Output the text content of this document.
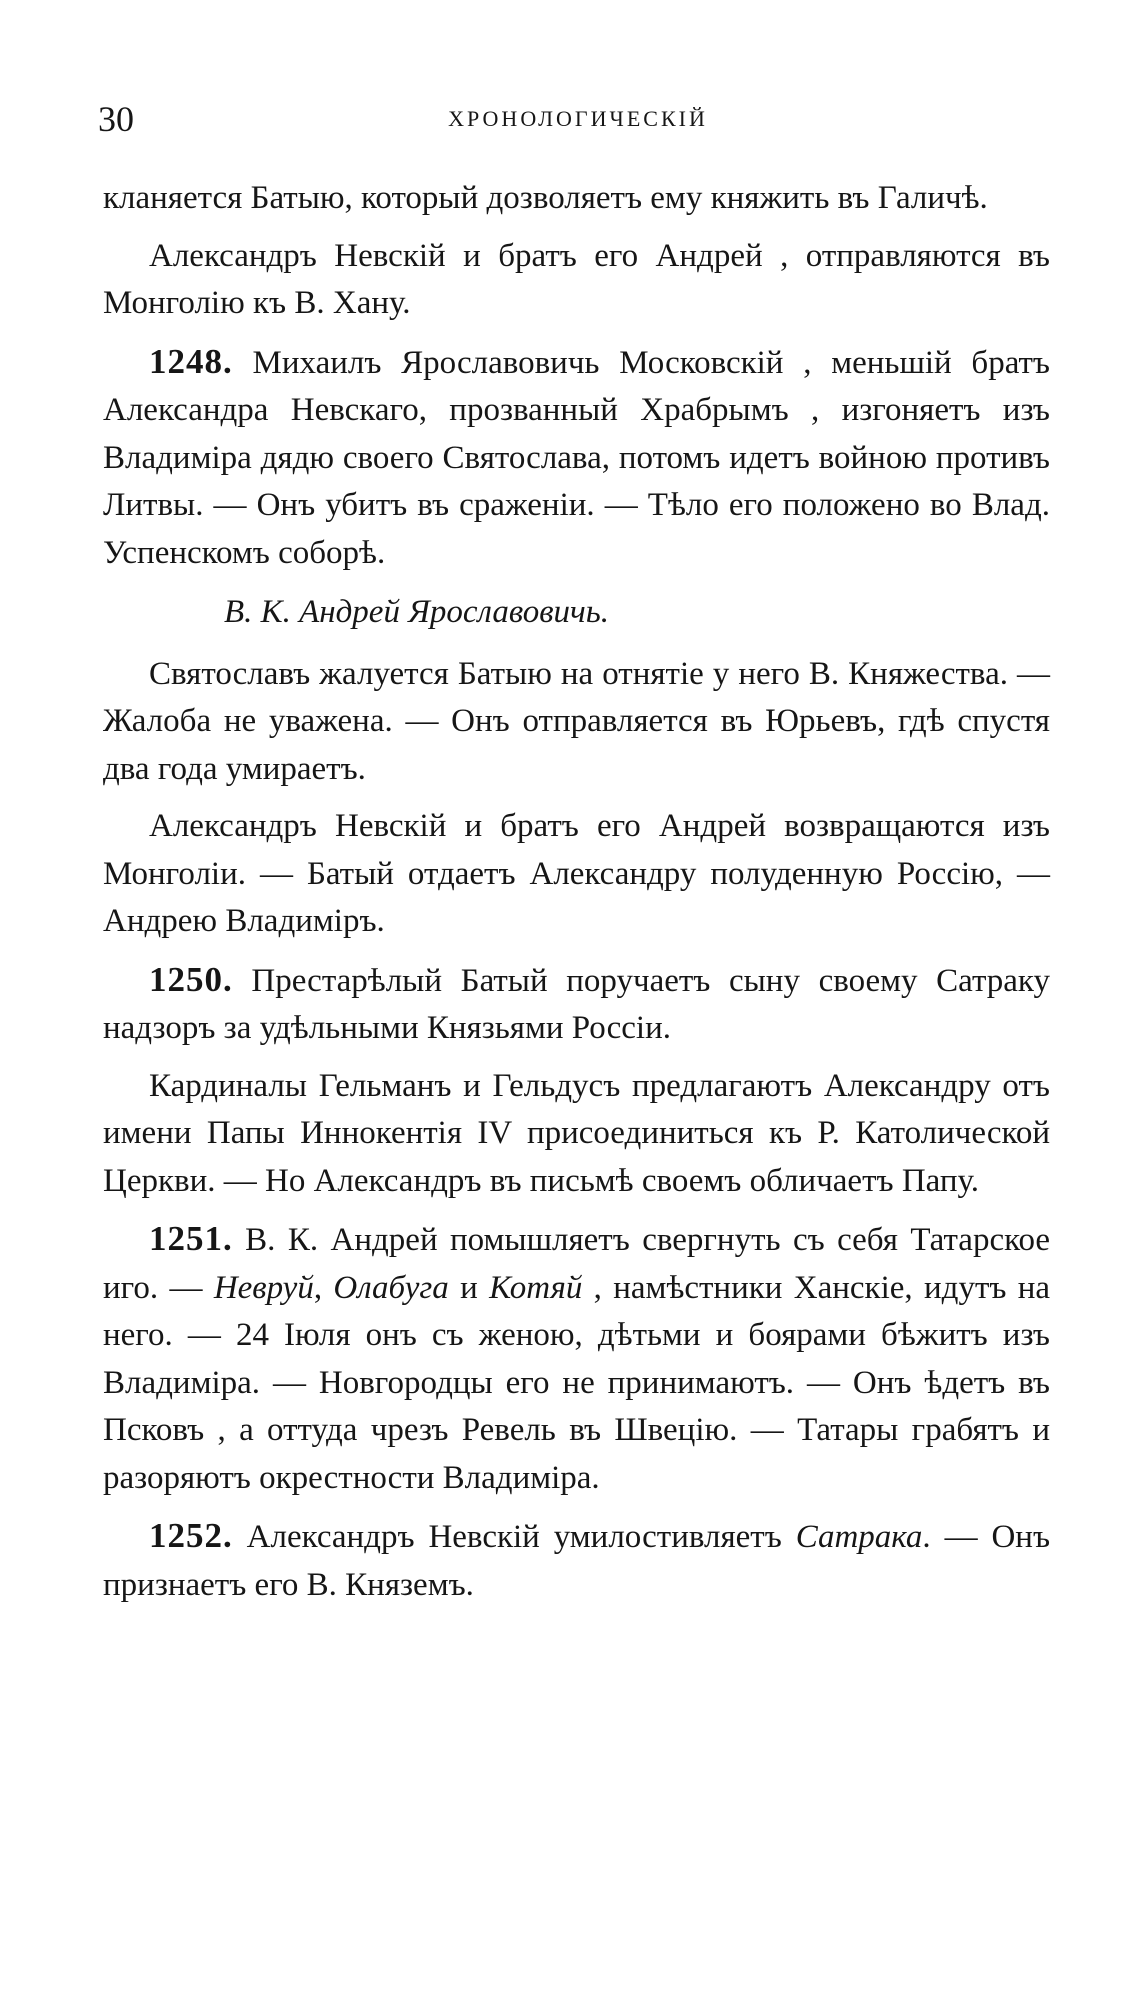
30	ХРОНОЛОГИЧЕСКІЙ

кланяется Батыю, который дозволяетъ ему княжить въ Галичѣ.

Александръ Невскій и братъ его Андрей , отправляются въ Монголію къ В. Хану.

1248. Михаилъ Ярославовичь Московскій , меньшій братъ Александра Невскаго, прозванный Храбрымъ , изгоняетъ изъ Владиміра дядю своего Святослава, потомъ идетъ войною противъ Литвы. — Онъ убитъ въ сраженіи. — Тѣло его положено во Влад. Успенскомъ соборѣ.

В. К. Андрей Ярославовичь.

Святославъ жалуется Батыю на отнятіе у него В. Княжества. — Жалоба не уважена. — Онъ отправляется въ Юрьевъ, гдѣ спустя два года умираетъ.

Александръ Невскій и братъ его Андрей возвращаются изъ Монголіи. — Батый отдаетъ Александру полуденную Россію, — Андрею Владиміръ.

1250. Престарѣлый Батый поручаетъ сыну своему Сатраку надзоръ за удѣльными Князьями Россіи.

Кардиналы Гельманъ и Гельдусъ предлагаютъ Александру отъ имени Папы Иннокентія IV присоединиться къ Р. Католической Церкви. — Но Александръ въ письмѣ своемъ обличаетъ Папу.

1251. В. К. Андрей помышляетъ свергнуть съ себя Татарское иго. — Невруй, Олабуга и Котяй , намѣстники Ханскіе, идутъ на него. — 24 Іюля онъ съ женою, дѣтьми и боярами бѣжитъ изъ Владиміра. — Новгородцы его не принимаютъ. — Онъ ѣдетъ въ Псковъ , а оттуда чрезъ Ревель въ Швецію. — Татары грабятъ и разоряютъ окрестности Владиміра.

1252. Александръ Невскій умилостивляетъ Сатрака. — Онъ признаетъ его В. Княземъ.
